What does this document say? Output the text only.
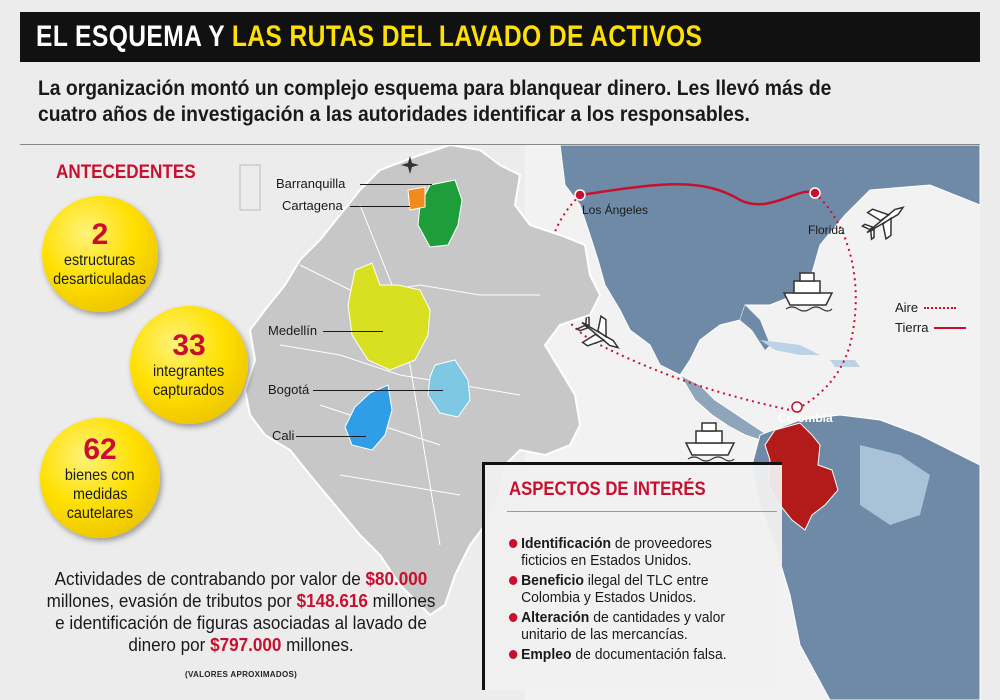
EL ESQUEMA Y LAS RUTAS DEL LAVADO DE ACTIVOS

La organización montó un complejo esquema para blanquear dinero. Les llevó más de cuatro años de investigación a las autoridades identificar a los responsables.

Barranquilla
Cartagena
Medellín
Bogotá
Cali
Los Ángeles
Florida
Colombia
Aire
Tierra
ANTECEDENTES
2
estructuras
desarticuladas
33
integrantes
capturados
62
bienes con
medidas
cautelares

Actividades de contrabando por valor de $80.000 millones, evasión de tributos por $148.616 millones e identificación de figuras asociadas al lavado de dinero por $797.000 millones.

(VALORES APROXIMADOS)
ASPECTOS DE INTERÉS
Identificación de proveedores ficticios en Estados Unidos.
Beneficio ilegal del TLC entre Colombia y Estados Unidos.
Alteración de cantidades y valor unitario de las mercancías.
Empleo de documentación falsa.
